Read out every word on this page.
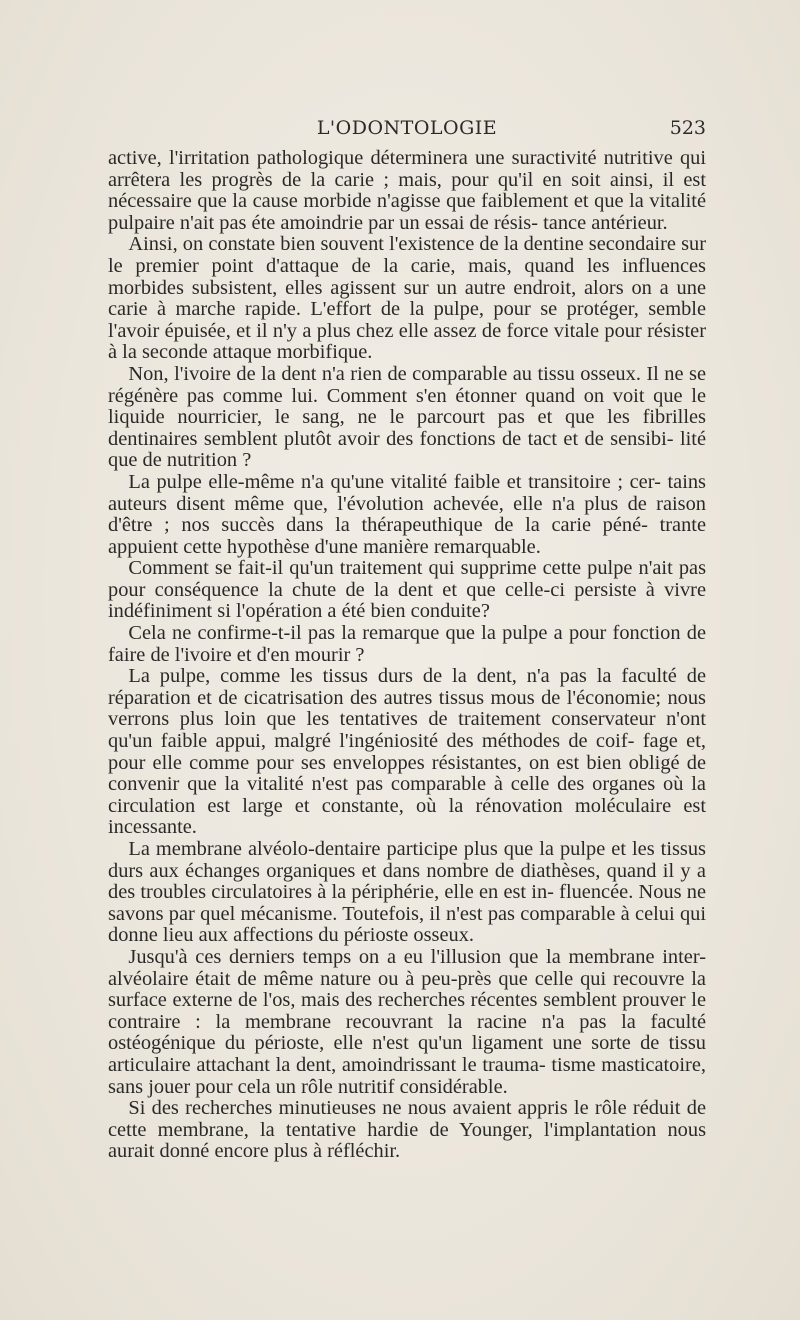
L'ODONTOLOGIE	523

active, l'irritation pathologique déterminera une suractivité nutritive qui arrêtera les progrès de la carie ; mais, pour qu'il en soit ainsi, il est nécessaire que la cause morbide n'agisse que faiblement et que la vitalité pulpaire n'ait pas éte amoindrie par un essai de résis- tance antérieur.

Ainsi, on constate bien souvent l'existence de la dentine secondaire sur le premier point d'attaque de la carie, mais, quand les influences morbides subsistent, elles agissent sur un autre endroit, alors on a une carie à marche rapide. L'effort de la pulpe, pour se protéger, semble l'avoir épuisée, et il n'y a plus chez elle assez de force vitale pour résister à la seconde attaque morbifique.

Non, l'ivoire de la dent n'a rien de comparable au tissu osseux. Il ne se régénère pas comme lui. Comment s'en étonner quand on voit que le liquide nourricier, le sang, ne le parcourt pas et que les fibrilles dentinaires semblent plutôt avoir des fonctions de tact et de sensibi- lité que de nutrition ?

La pulpe elle-même n'a qu'une vitalité faible et transitoire ; cer- tains auteurs disent même que, l'évolution achevée, elle n'a plus de raison d'être ; nos succès dans la thérapeuthique de la carie péné- trante appuient cette hypothèse d'une manière remarquable.

Comment se fait-il qu'un traitement qui supprime cette pulpe n'ait pas pour conséquence la chute de la dent et que celle-ci persiste à vivre indéfiniment si l'opération a été bien conduite?

Cela ne confirme-t-il pas la remarque que la pulpe a pour fonction de faire de l'ivoire et d'en mourir ?

La pulpe, comme les tissus durs de la dent, n'a pas la faculté de réparation et de cicatrisation des autres tissus mous de l'économie; nous verrons plus loin que les tentatives de traitement conservateur n'ont qu'un faible appui, malgré l'ingéniosité des méthodes de coif- fage et, pour elle comme pour ses enveloppes résistantes, on est bien obligé de convenir que la vitalité n'est pas comparable à celle des organes où la circulation est large et constante, où la rénovation moléculaire est incessante.

La membrane alvéolo-dentaire participe plus que la pulpe et les tissus durs aux échanges organiques et dans nombre de diathèses, quand il y a des troubles circulatoires à la périphérie, elle en est in- fluencée. Nous ne savons par quel mécanisme. Toutefois, il n'est pas comparable à celui qui donne lieu aux affections du périoste osseux.

Jusqu'à ces derniers temps on a eu l'illusion que la membrane inter-alvéolaire était de même nature ou à peu-près que celle qui recouvre la surface externe de l'os, mais des recherches récentes semblent prouver le contraire : la membrane recouvrant la racine n'a pas la faculté ostéogénique du périoste, elle n'est qu'un ligament une sorte de tissu articulaire attachant la dent, amoindrissant le trauma- tisme masticatoire, sans jouer pour cela un rôle nutritif considérable.

Si des recherches minutieuses ne nous avaient appris le rôle réduit de cette membrane, la tentative hardie de Younger, l'implantation nous aurait donné encore plus à réfléchir.
